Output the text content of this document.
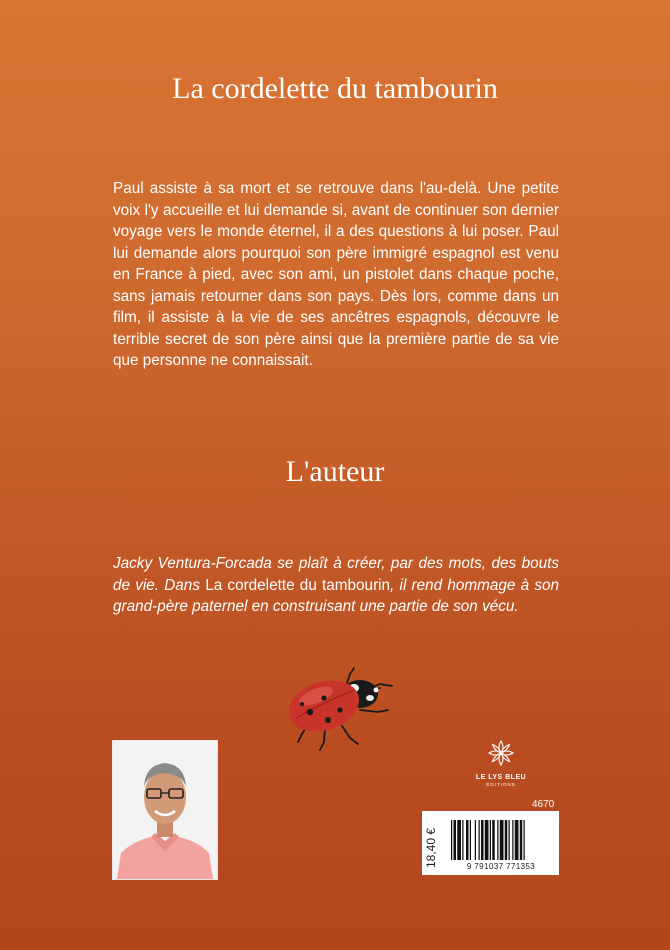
La cordelette du tambourin
Paul assiste à sa mort et se retrouve dans l'au-delà. Une petite voix l'y accueille et lui demande si, avant de continuer son dernier voyage vers le monde éternel, il a des questions à lui poser. Paul lui demande alors pourquoi son père immigré espagnol est venu en France à pied, avec son ami, un pistolet dans chaque poche, sans jamais retourner dans son pays. Dès lors, comme dans un film, il assiste à la vie de ses ancêtres espagnols, découvre le terrible secret de son père ainsi que la première partie de sa vie que personne ne connaissait.
L'auteur
Jacky Ventura-Forcada se plaît à créer, par des mots, des bouts de vie. Dans La cordelette du tambourin, il rend hommage à son grand-père paternel en construisant une partie de son vécu.
LE LYS BLEU
ÉDITIONS
4670
18,40 €	9 791037 771353
